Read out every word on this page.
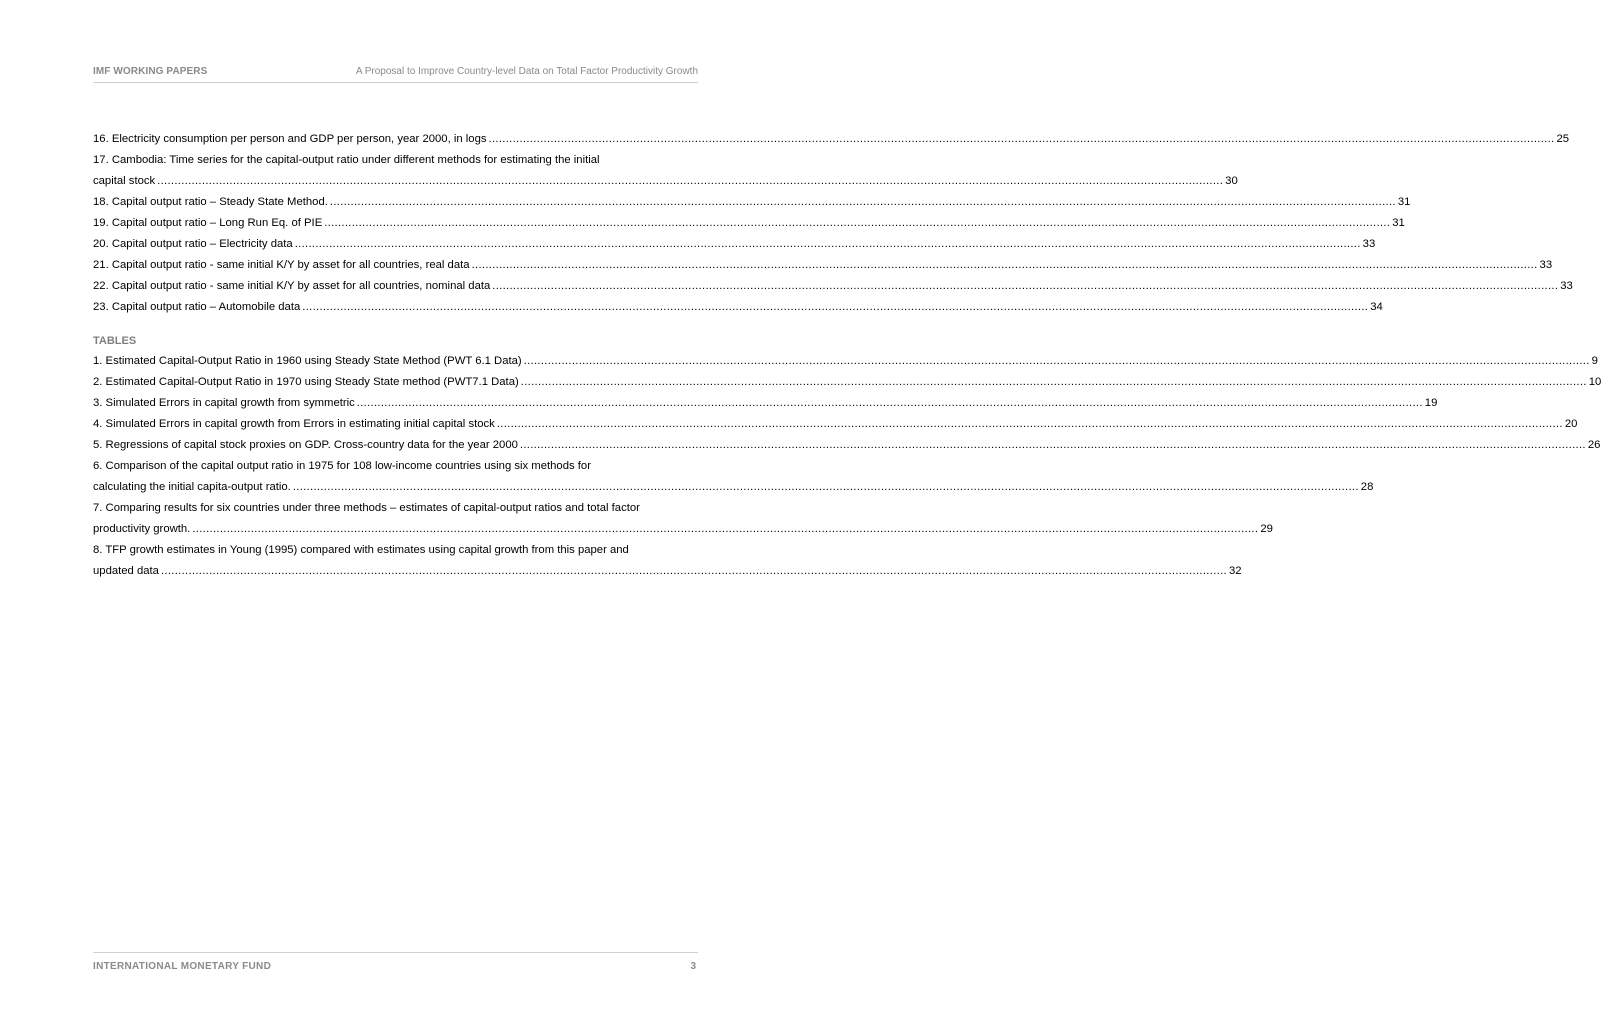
IMF WORKING PAPERS	A Proposal to Improve Country-level Data on Total Factor Productivity Growth
16. Electricity consumption per person and GDP per person, year 2000, in logs .....	25
17. Cambodia: Time series for the capital-output ratio under different methods for estimating the initial
capital stock .....	30
18. Capital output ratio – Steady State Method. .....	31
19. Capital output ratio – Long Run Eq. of PIE .....	31
20. Capital output ratio – Electricity data .....	33
21. Capital output ratio - same initial K/Y by asset for all countries, real data .....	33
22. Capital output ratio - same initial K/Y by asset for all countries, nominal data .....	33
23. Capital output ratio – Automobile data .....	34
TABLES
1. Estimated Capital-Output Ratio in 1960 using Steady State Method (PWT 6.1 Data) .....	9
2. Estimated Capital-Output Ratio in 1970 using Steady State method (PWT7.1 Data) .....	10
3. Simulated Errors in capital growth from symmetric .....	19
4. Simulated Errors in capital growth from Errors in estimating initial capital stock .....	20
5. Regressions of capital stock proxies on GDP. Cross-country data for the year 2000 .....	26
6. Comparison of the capital output ratio in 1975 for 108 low-income countries using six methods for
calculating the initial capita-output ratio. .....	28
7. Comparing results for six countries under three methods – estimates of capital-output ratios and total factor
productivity growth. .....	29
8. TFP growth estimates in Young (1995) compared with estimates using capital growth from this paper and
updated data .....	32
INTERNATIONAL MONETARY FUND	3
